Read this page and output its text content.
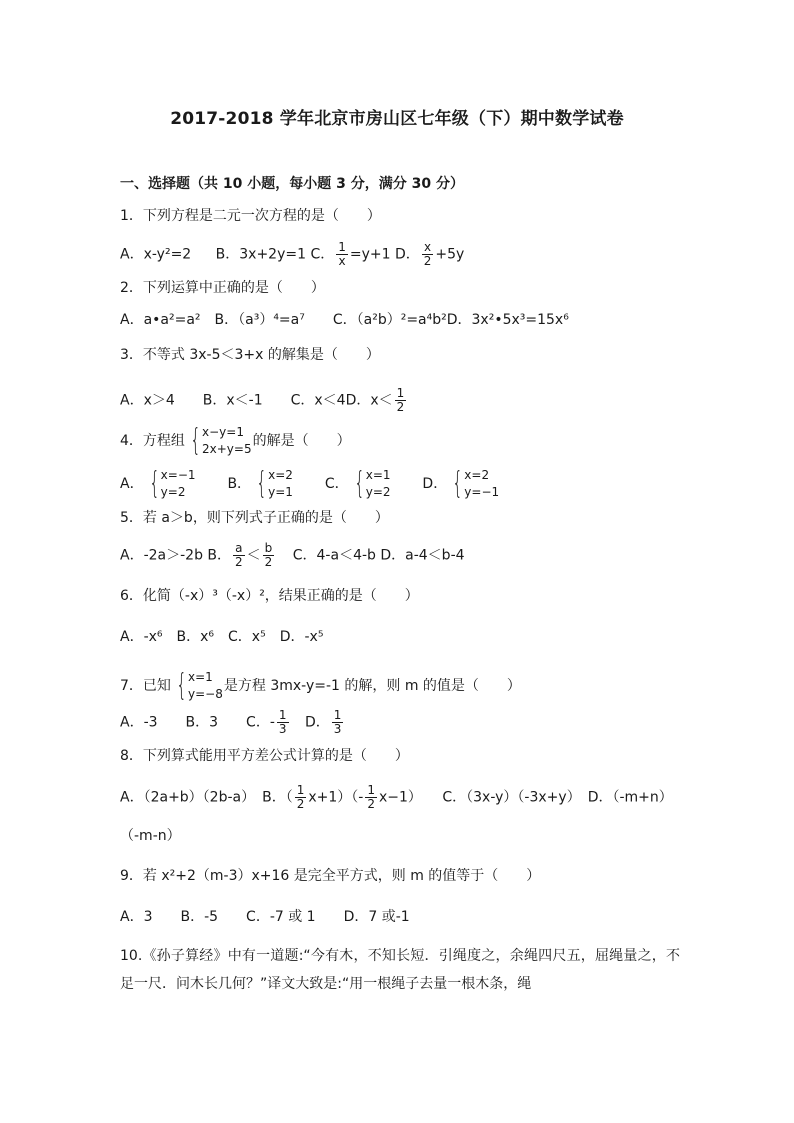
2017-2018 学年北京市房山区七年级（下）期中数学试卷
一、选择题（共 10 小题，每小题 3 分，满分 30 分）
1．下列方程是二元一次方程的是（　　）
A．x-y²=2 B．3x+2y=1 C． $\frac{1}{x} =y+1$ D． $\frac{x}{2} +5y$
2．下列运算中正确的是（　　）
A．a•a²=a²　B．（a³）⁴=a⁷　　C．（a²b）²=a⁴b²D．3x²•5x³=15x⁶
3．不等式 3x-5＜3+x 的解集是（　　）
A．x＞4　　B．x＜-1　　C．x＜4D．$x< \frac{1}{2}$
4．方程组 { x−y=1
2x+y=5 的解是（　　）
A． { x=−1
y=2	B． { x=2
y=1 C． { x=1
y=2 D． { x=2
y=−1
5．若 a＞b，则下列式子正确的是（　　）
A．-2a＞-2b B． $\frac{a}{2} < \frac{b}{2}$ C．4-a＜4-b D．a-4＜b-4
6．化简（-x）³（-x）²，结果正确的是（　　）
A．-x⁶　B．x⁶　C．x⁵　D．-x⁵
7．已知 { x=1
y=−8 是方程 3mx-y=-1 的解，则 m 的值是（　　）
A．-3　　B．3　　C．- $\frac{1}{3}$ D． $\frac{1}{3}$
8．下列算式能用平方差公式计算的是（　　）
A．（2a+b）（2b-a）　B．（ $\frac{1}{2} x+1)(- \frac{1}{2} x-1)$ C．（3x-y）（-3x+y）　D．（-m+n）
（-m-n）
9．若 x²+2（m-3）x+16 是完全平方式，则 m 的值等于（　　）
A．3　　B．-5　　C．-7 或 1　　D．7 或-1
10.《孙子算经》中有一道题:“今有木，不知长短．引绳度之，余绳四尺五，屈绳量之，不足一尺．问木长几何？”译文大致是:“用一根绳子去量一根木条，绳
